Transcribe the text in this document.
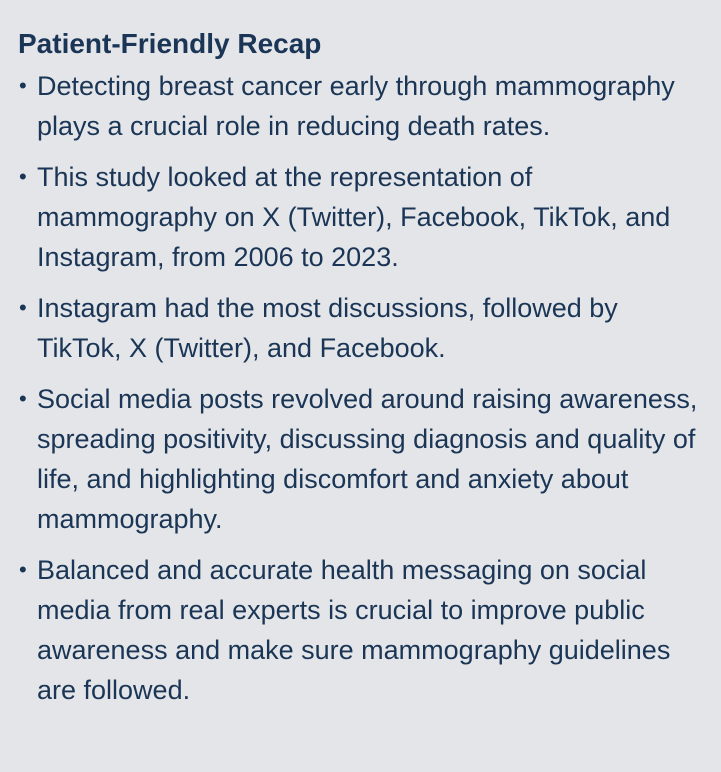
Patient-Friendly Recap
• Detecting breast cancer early through mammography plays a crucial role in reducing death rates.
• This study looked at the representation of mammography on X (Twitter), Facebook, TikTok, and Instagram, from 2006 to 2023.
• Instagram had the most discussions, followed by TikTok, X (Twitter), and Facebook.
• Social media posts revolved around raising awareness, spreading positivity, discussing diagnosis and quality of life, and highlighting discomfort and anxiety about mammography.
• Balanced and accurate health messaging on social media from real experts is crucial to improve public awareness and make sure mammography guidelines are followed.
